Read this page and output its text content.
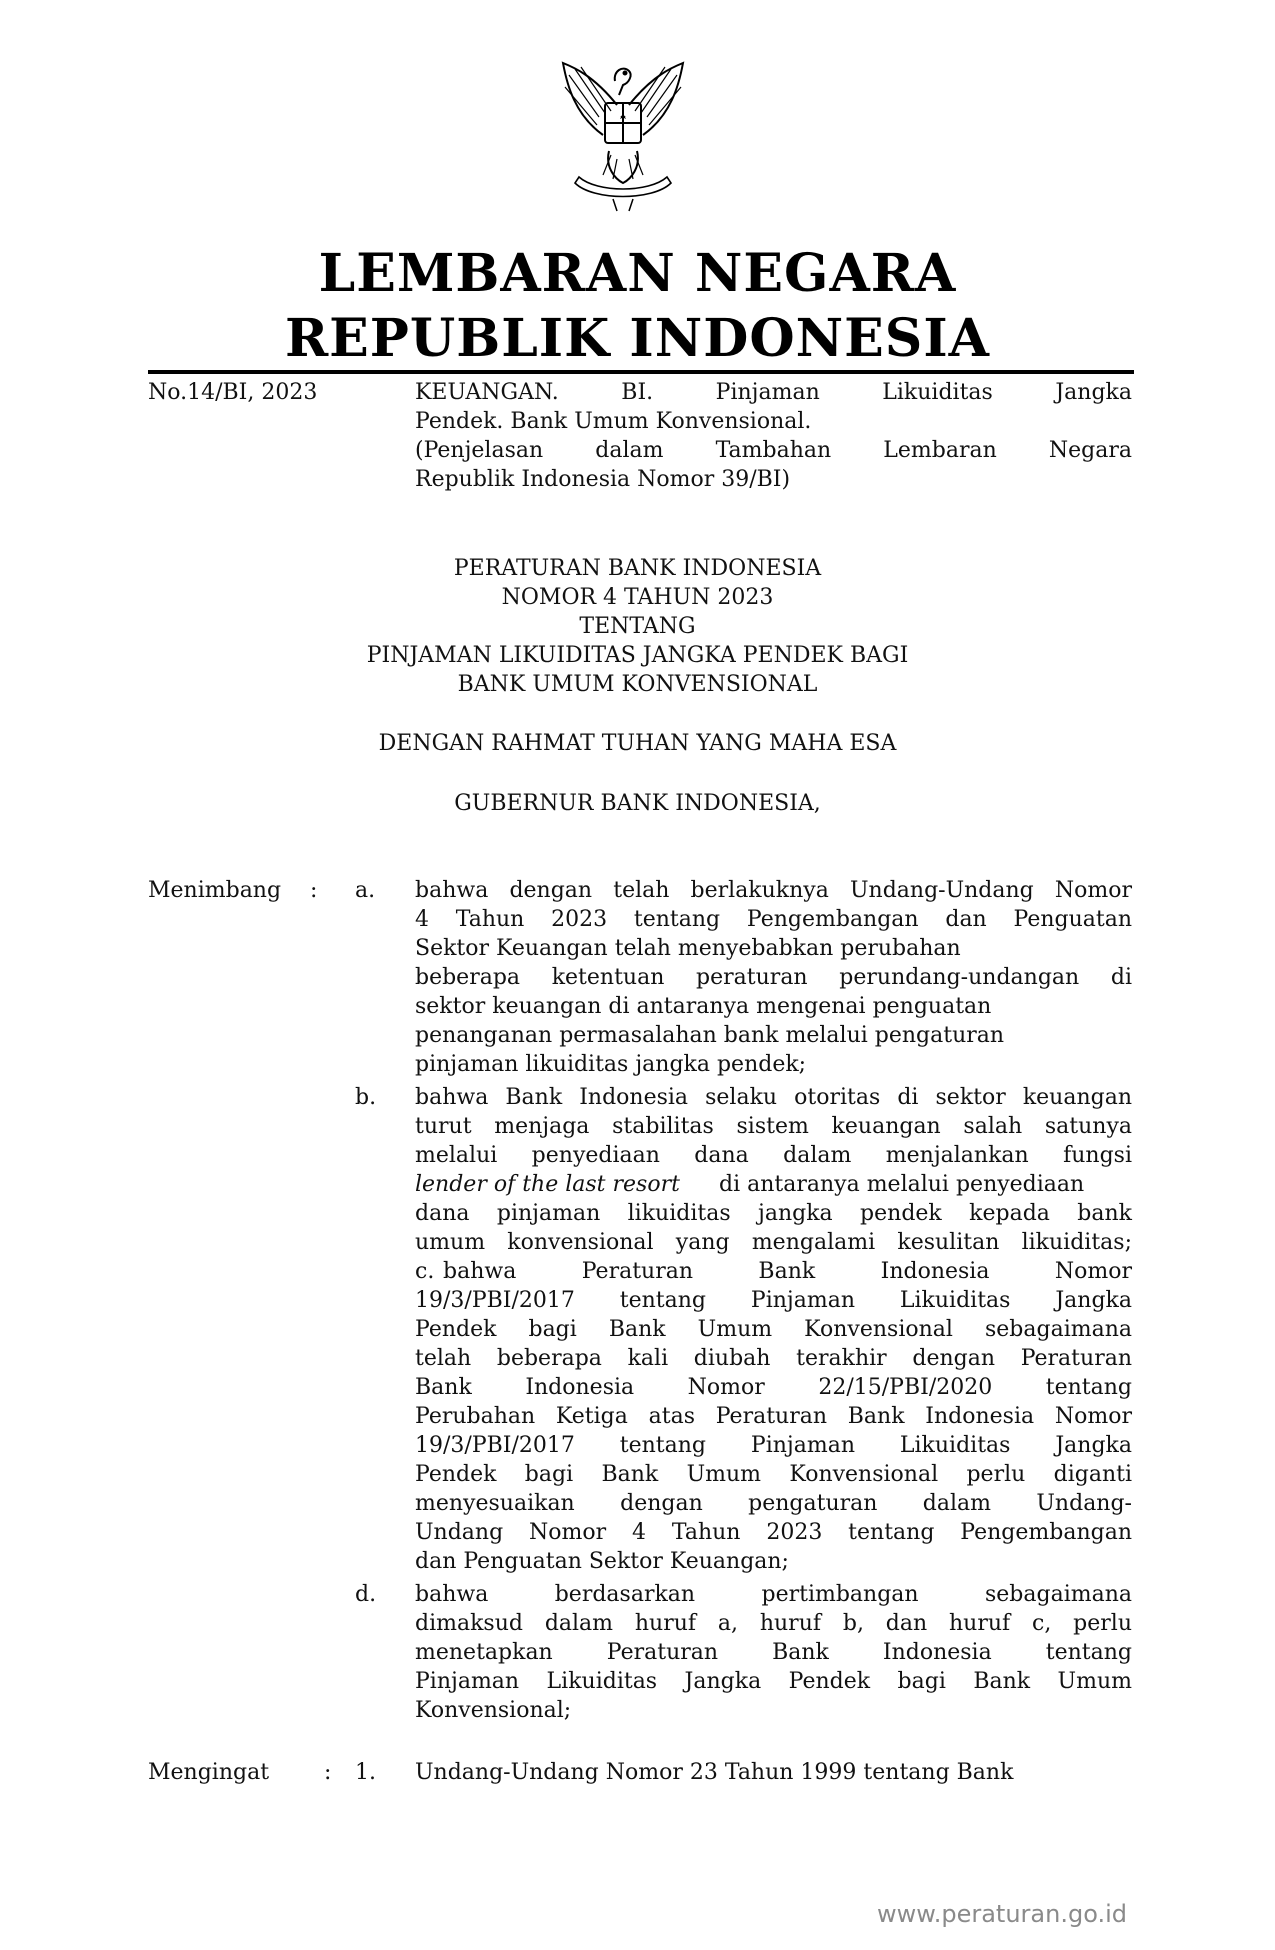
LEMBARAN NEGARA
REPUBLIK INDONESIA
No.14/BI, 2023	KEUANGAN. BI. Pinjaman Likuiditas Jangka
Pendek. Bank Umum Konvensional.
(Penjelasan dalam Tambahan Lembaran Negara
Republik Indonesia Nomor 39/BI)
PERATURAN BANK INDONESIA
NOMOR 4 TAHUN 2023
TENTANG
PINJAMAN LIKUIDITAS JANGKA PENDEK BAGI
BANK UMUM KONVENSIONAL
DENGAN RAHMAT TUHAN YANG MAHA ESA
GUBERNUR BANK INDONESIA,
Menimbang : a. bahwa dengan telah berlakuknya Undang-Undang Nomor
4 Tahun 2023 tentang Pengembangan dan Penguatan
Sektor Keuangan telah menyebabkan perubahan
beberapa ketentuan peraturan perundang-undangan di
sektor keuangan di antaranya mengenai penguatan
penanganan permasalahan bank melalui pengaturan
pinjaman likuiditas jangka pendek;
b. bahwa Bank Indonesia selaku otoritas di sektor keuangan
turut menjaga stabilitas sistem keuangan salah satunya
melalui penyediaan dana dalam menjalankan fungsi
lender of the last resort di antaranya melalui penyediaan
dana pinjaman likuiditas jangka pendek kepada bank
umum konvensional yang mengalami kesulitan likuiditas;
c. bahwa Peraturan Bank Indonesia Nomor
19/3/PBI/2017 tentang Pinjaman Likuiditas Jangka
Pendek bagi Bank Umum Konvensional sebagaimana
telah beberapa kali diubah terakhir dengan Peraturan
Bank Indonesia Nomor 22/15/PBI/2020 tentang
Perubahan Ketiga atas Peraturan Bank Indonesia Nomor
19/3/PBI/2017 tentang Pinjaman Likuiditas Jangka
Pendek bagi Bank Umum Konvensional perlu diganti
menyesuaikan dengan pengaturan dalam Undang-
Undang Nomor 4 Tahun 2023 tentang Pengembangan
dan Penguatan Sektor Keuangan;
d. bahwa berdasarkan pertimbangan sebagaimana
dimaksud dalam huruf a, huruf b, dan huruf c, perlu
menetapkan Peraturan Bank Indonesia tentang
Pinjaman Likuiditas Jangka Pendek bagi Bank Umum
Konvensional;
Mengingat : 1. Undang-Undang Nomor 23 Tahun 1999 tentang Bank
www.peraturan.go.id
